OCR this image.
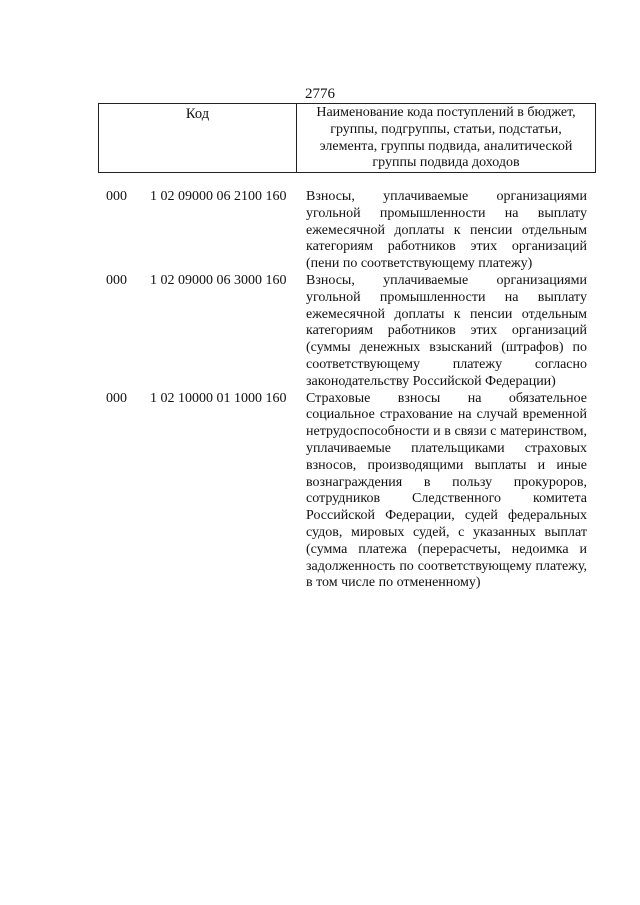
2776
Код	Наименование кода поступлений в бюджет, группы, подгруппы, статьи, подстатьи, элемента, группы подвида, аналитической группы подвида доходов
000 1 02 09000 06 2100 160 Взносы, уплачиваемые организациями угольной промышленности на выплату ежемесячной доплаты к пенсии отдельным категориям работников этих организаций (пени по соответствующему платежу)
000 1 02 09000 06 3000 160 Взносы, уплачиваемые организациями угольной промышленности на выплату ежемесячной доплаты к пенсии отдельным категориям работников этих организаций (суммы денежных взысканий (штрафов) по соответствующему платежу согласно законодательству Российской Федерации)
000 1 02 10000 01 1000 160 Страховые взносы на обязательное социальное страхование на случай временной нетрудоспособности и в связи с материнством, уплачиваемые плательщиками страховых взносов, производящими выплаты и иные вознаграждения в пользу прокуроров, сотрудников Следственного комитета Российской Федерации, судей федеральных судов, мировых судей, с указанных выплат (сумма платежа (перерасчеты, недоимка и задолженность по соответствующему платежу, в том числе по отмененному)
